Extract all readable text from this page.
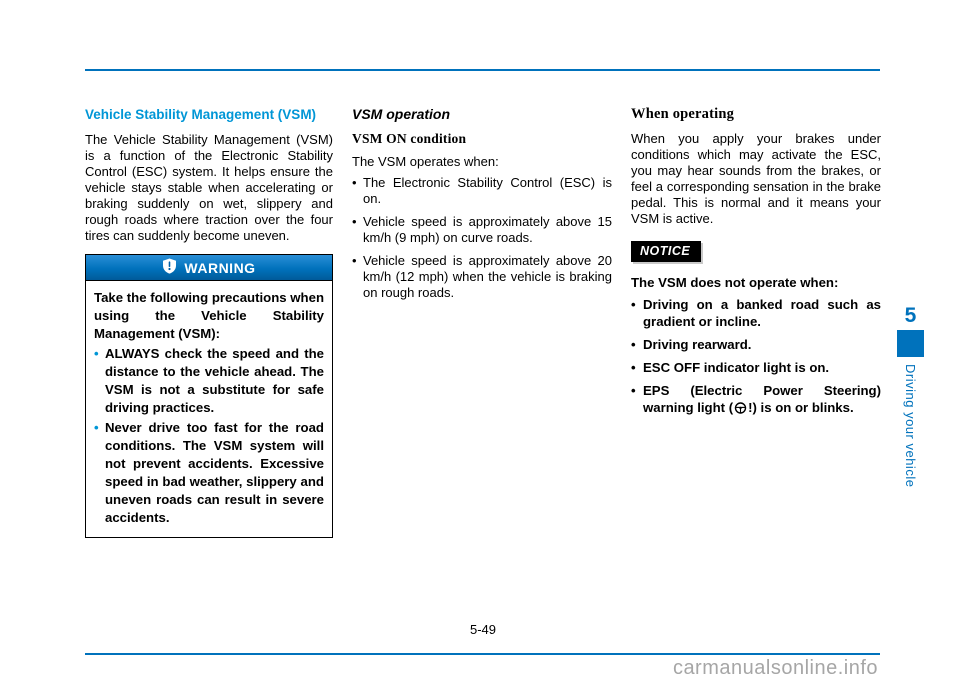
Vehicle Stability Management (VSM)

The Vehicle Stability Management (VSM) is a function of the Electronic Stability Control (ESC) system. It helps ensure the vehicle stays stable when accelerating or braking suddenly on wet, slippery and rough roads where traction over the four tires can suddenly become uneven.

WARNING

Take the following precautions when using the Vehicle Stability Management (VSM):

• ALWAYS check the speed and the distance to the vehicle ahead. The VSM is not a substitute for safe driving practices.
• Never drive too fast for the road conditions. The VSM system will not prevent accidents. Excessive speed in bad weather, slippery and uneven roads can result in severe accidents.
VSM operation
VSM ON condition

The VSM operates when:

• The Electronic Stability Control (ESC) is on.
• Vehicle speed is approximately above 15 km/h (9 mph) on curve roads.
• Vehicle speed is approximately above 20 km/h (12 mph) when the vehicle is braking on rough roads.
When operating

When you apply your brakes under conditions which may activate the ESC, you may hear sounds from the brakes, or feel a corresponding sensation in the brake pedal. This is normal and it means your VSM is active.

NOTICE
The VSM does not operate when:
• Driving on a banked road such as gradient or incline.
• Driving rearward.
• ESC OFF indicator light is on.
• EPS (Electric Power Steering) warning light ( !) is on or blinks.
5
Driving your vehicle
5-49
carmanualsonline.info
